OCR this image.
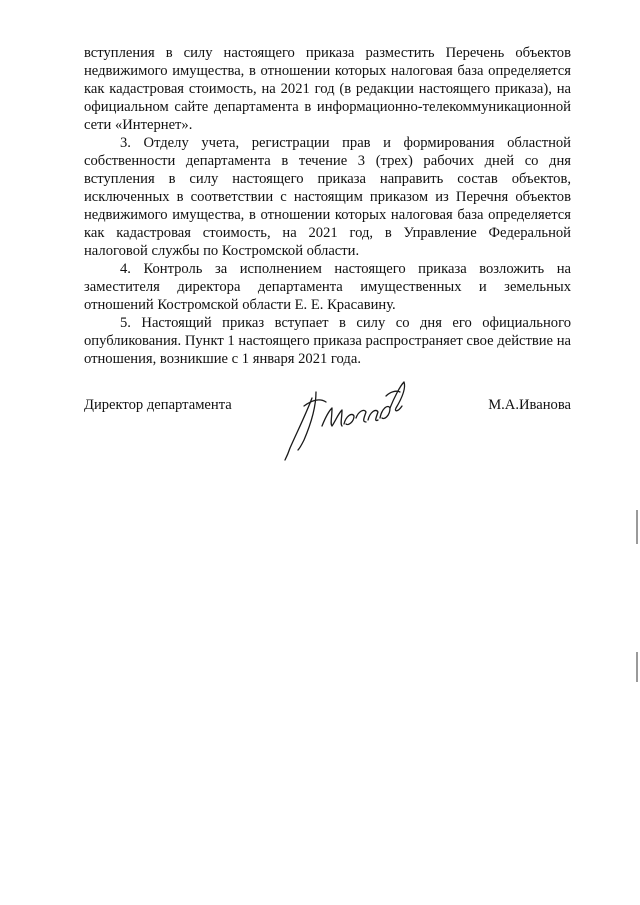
вступления в силу настоящего приказа разместить Перечень объектов недвижимого имущества, в отношении которых налоговая база определяется как кадастровая стоимость, на 2021 год (в редакции настоящего приказа), на официальном сайте департамента в информационно-телекоммуникационной сети «Интернет».

3. Отделу учета, регистрации прав и формирования областной собственности департамента в течение 3 (трех) рабочих дней со дня вступления в силу настоящего приказа направить состав объектов, исключенных в соответствии с настоящим приказом из Перечня объектов недвижимого имущества, в отношении которых налоговая база определяется как кадастровая стоимость, на 2021 год, в Управление Федеральной налоговой службы по Костромской области.

4. Контроль за исполнением настоящего приказа возложить на заместителя директора департамента имущественных и земельных отношений Костромской области Е. Е. Красавину.

5. Настоящий приказ вступает в силу со дня его официального опубликования. Пункт 1 настоящего приказа распространяет свое действие на отношения, возникшие с 1 января 2021 года.

Директор департамента	М.А.Иванова
